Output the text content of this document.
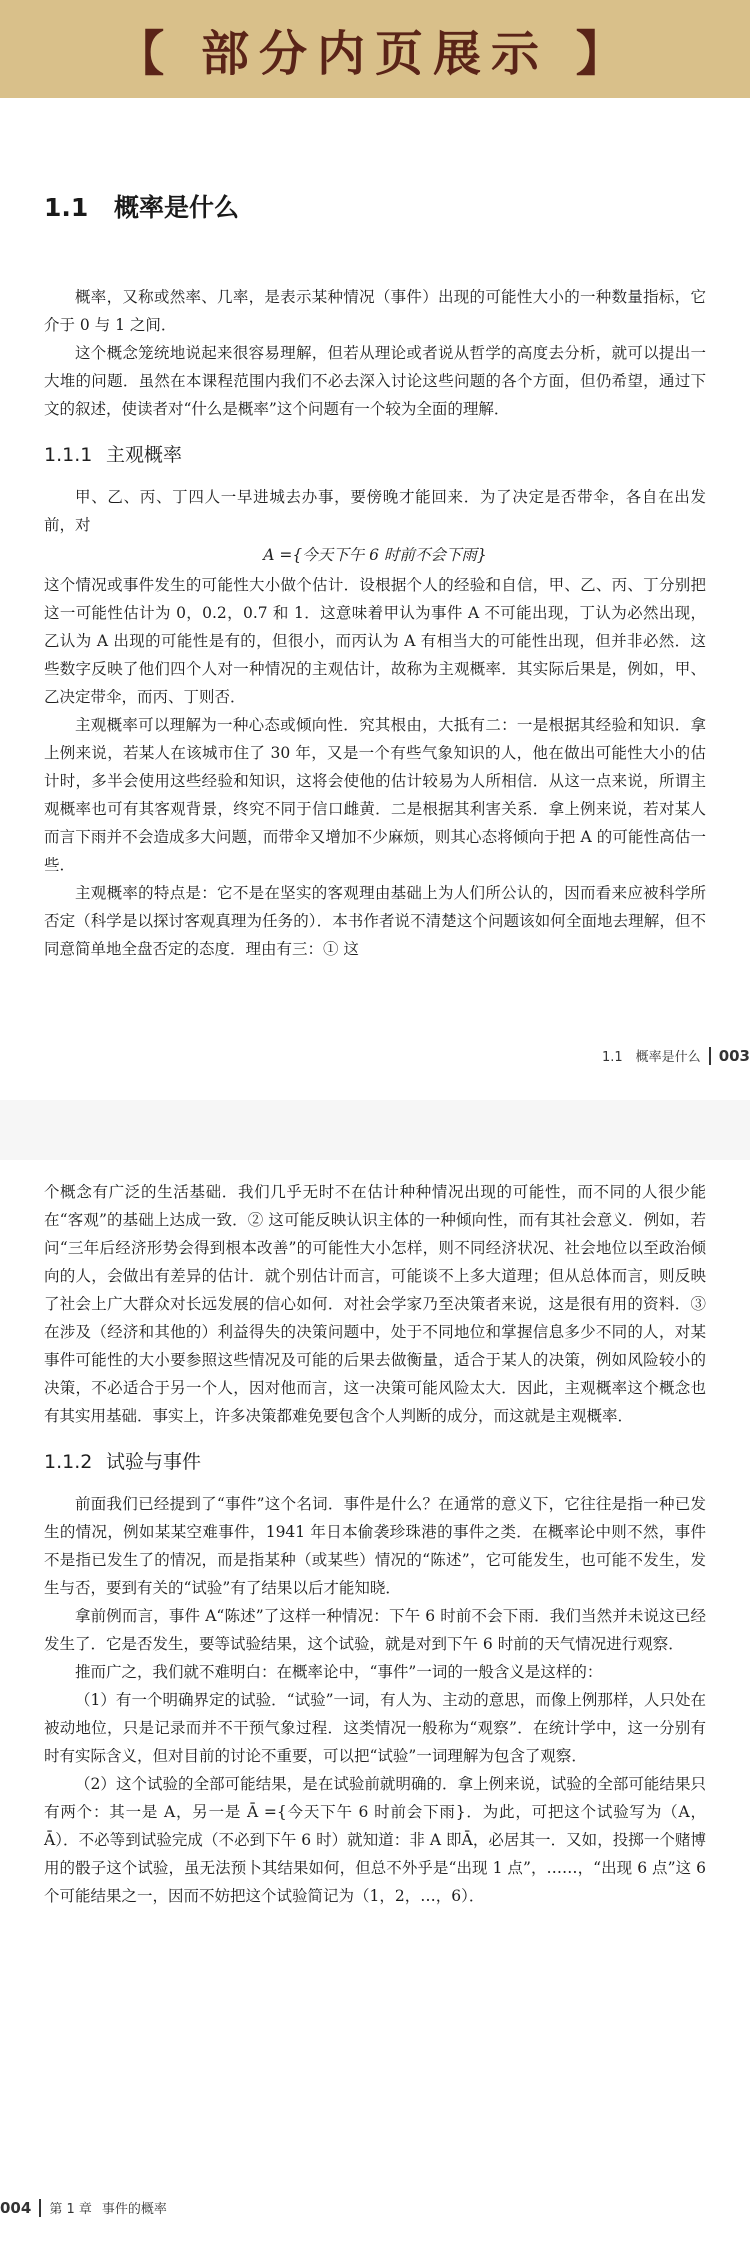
【 部分内页展示 】
1.1 概率是什么

概率，又称或然率、几率，是表示某种情况（事件）出现的可能性大小的一种数量指标，它介于 0 与 1 之间．

这个概念笼统地说起来很容易理解，但若从理论或者说从哲学的高度去分析，就可以提出一大堆的问题．虽然在本课程范围内我们不必去深入讨论这些问题的各个方面，但仍希望，通过下文的叙述，使读者对“什么是概率”这个问题有一个较为全面的理解．

1.1.1 主观概率

甲、乙、丙、丁四人一早进城去办事，要傍晚才能回来．为了决定是否带伞，各自在出发前，对

A ={今天下午 6 时前不会下雨}

这个情况或事件发生的可能性大小做个估计．设根据个人的经验和自信，甲、乙、丙、丁分别把这一可能性估计为 0，0.2，0.7 和 1．这意味着甲认为事件 A 不可能出现，丁认为必然出现，乙认为 A 出现的可能性是有的，但很小，而丙认为 A 有相当大的可能性出现，但并非必然．这些数字反映了他们四个人对一种情况的主观估计，故称为主观概率．其实际后果是，例如，甲、乙决定带伞，而丙、丁则否．

主观概率可以理解为一种心态或倾向性．究其根由，大抵有二：一是根据其经验和知识．拿上例来说，若某人在该城市住了 30 年，又是一个有些气象知识的人，他在做出可能性大小的估计时，多半会使用这些经验和知识，这将会使他的估计较易为人所相信．从这一点来说，所谓主观概率也可有其客观背景，终究不同于信口雌黄．二是根据其利害关系．拿上例来说，若对某人而言下雨并不会造成多大问题，而带伞又增加不少麻烦，则其心态将倾向于把 A 的可能性高估一些．

主观概率的特点是：它不是在坚实的客观理由基础上为人们所公认的，因而看来应被科学所否定（科学是以探讨客观真理为任务的）．本书作者说不清楚这个问题该如何全面地去理解，但不同意简单地全盘否定的态度．理由有三：① 这

1.1　概率是什么 003

个概念有广泛的生活基础．我们几乎无时不在估计种种情况出现的可能性，而不同的人很少能在“客观”的基础上达成一致．② 这可能反映认识主体的一种倾向性，而有其社会意义．例如，若问“三年后经济形势会得到根本改善”的可能性大小怎样，则不同经济状况、社会地位以至政治倾向的人，会做出有差异的估计．就个别估计而言，可能谈不上多大道理；但从总体而言，则反映了社会上广大群众对长远发展的信心如何．对社会学家乃至决策者来说，这是很有用的资料．③ 在涉及（经济和其他的）利益得失的决策问题中，处于不同地位和掌握信息多少不同的人，对某事件可能性的大小要参照这些情况及可能的后果去做衡量，适合于某人的决策，例如风险较小的决策，不必适合于另一个人，因对他而言，这一决策可能风险太大．因此，主观概率这个概念也有其实用基础．事实上，许多决策都难免要包含个人判断的成分，而这就是主观概率．

1.1.2 试验与事件

前面我们已经提到了“事件”这个名词．事件是什么？在通常的意义下，它往往是指一种已发生的情况，例如某某空难事件，1941 年日本偷袭珍珠港的事件之类．在概率论中则不然，事件不是指已发生了的情况，而是指某种（或某些）情况的“陈述”，它可能发生，也可能不发生，发生与否，要到有关的“试验”有了结果以后才能知晓．

拿前例而言，事件 A“陈述”了这样一种情况：下午 6 时前不会下雨．我们当然并未说这已经发生了．它是否发生，要等试验结果，这个试验，就是对到下午 6 时前的天气情况进行观察．

推而广之，我们就不难明白：在概率论中，“事件”一词的一般含义是这样的：

（1）有一个明确界定的试验．“试验”一词，有人为、主动的意思，而像上例那样，人只处在被动地位，只是记录而并不干预气象过程．这类情况一般称为“观察”．在统计学中，这一分别有时有实际含义，但对目前的讨论不重要，可以把“试验”一词理解为包含了观察．

（2）这个试验的全部可能结果，是在试验前就明确的．拿上例来说，试验的全部可能结果只有两个：其一是 A，另一是 Ā ={今天下午 6 时前会下雨}．为此，可把这个试验写为（A，Ā）．不必等到试验完成（不必到下午 6 时）就知道：非 A 即Ā，必居其一．又如，投掷一个赌博用的骰子这个试验，虽无法预卜其结果如何，但总不外乎是“出现 1 点”，……，“出现 6 点”这 6 个可能结果之一，因而不妨把这个试验简记为（1，2，…，6）．

004 第 1 章 事件的概率
